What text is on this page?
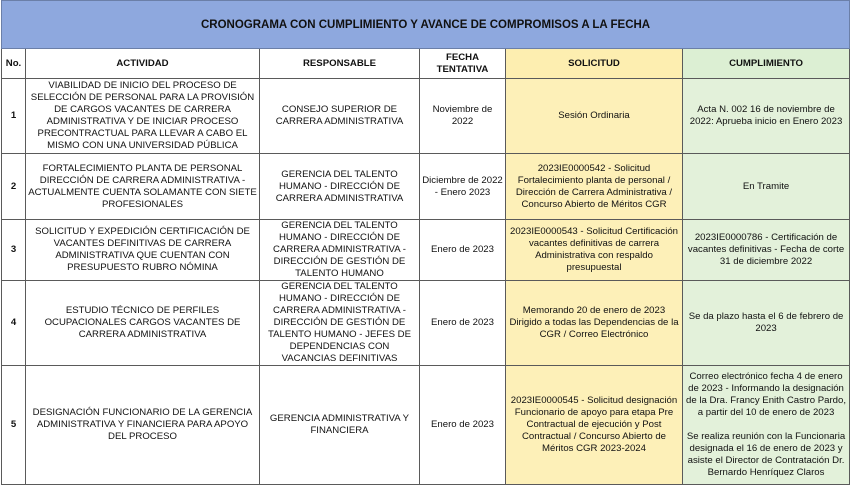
CRONOGRAMA CON CUMPLIMIENTO Y AVANCE DE COMPROMISOS A LA FECHA					
No.	ACTIVIDAD	RESPONSABLE	FECHA TENTATIVA	SOLICITUD	CUMPLIMIENTO
1	VIABILIDAD DE INICIO DEL PROCESO DE SELECCIÓN DE PERSONAL PARA LA PROVISIÓN DE CARGOS VACANTES DE CARRERA ADMINISTRATIVA Y DE INICIAR PROCESO PRECONTRACTUAL PARA LLEVAR A CABO EL MISMO CON UNA UNIVERSIDAD PÚBLICA	CONSEJO SUPERIOR DE CARRERA ADMINISTRATIVA	Noviembre de 2022	Sesión Ordinaria	Acta N. 002 16 de noviembre de 2022: Aprueba inicio en Enero 2023
2	FORTALECIMIENTO PLANTA DE PERSONAL DIRECCIÓN DE CARRERA ADMINISTRATIVA - ACTUALMENTE CUENTA SOLAMANTE CON SIETE PROFESIONALES	GERENCIA DEL TALENTO HUMANO - DIRECCIÓN DE CARRERA ADMINISTRATIVA	Diciembre de 2022 - Enero 2023	2023IE0000542 - Solicitud Fortalecimiento planta de personal / Dirección de Carrera Administrativa / Concurso Abierto de Méritos CGR	En Tramite
3	SOLICITUD Y EXPEDICIÓN CERTIFICACIÓN DE VACANTES DEFINITIVAS DE CARRERA ADMINISTRATIVA QUE CUENTAN CON PRESUPUESTO RUBRO NÓMINA	GERENCIA DEL TALENTO HUMANO - DIRECCIÓN DE CARRERA ADMINISTRATIVA - DIRECCIÓN DE GESTIÓN DE TALENTO HUMANO	Enero de 2023	2023IE0000543 - Solicitud Certificación vacantes definitivas de carrera Administrativa con respaldo presupuestal	2023IE0000786 - Certificación de vacantes definitivas - Fecha de corte 31 de diciembre 2022
4	ESTUDIO TÉCNICO DE PERFILES OCUPACIONALES CARGOS VACANTES DE CARRERA ADMINISTRATIVA	GERENCIA DEL TALENTO HUMANO - DIRECCIÓN DE CARRERA ADMINISTRATIVA - DIRECCIÓN DE GESTIÓN DE TALENTO HUMANO - JEFES DE DEPENDENCIAS CON VACANCIAS DEFINITIVAS	Enero de 2023	Memorando 20 de enero de 2023 Dirigido a todas las Dependencias de la CGR / Correo Electrónico	Se da plazo hasta el 6 de febrero de 2023
5	DESIGNACIÓN FUNCIONARIO DE LA GERENCIA ADMINISTRATIVA Y FINANCIERA PARA APOYO DEL PROCESO	GERENCIA ADMINISTRATIVA Y FINANCIERA	Enero de 2023	2023IE0000545 - Solicitud designación Funcionario de apoyo para etapa Pre Contractual de ejecución y Post Contractual / Concurso Abierto de Méritos CGR 2023-2024	Correo electrónico fecha 4 de enero de 2023 - Informando la designación de la Dra. Francy Enith Castro Pardo, a partir del 10 de enero de 2023
Se realiza reunión con la Funcionaria designada el 16 de enero de 2023 y asiste el Director de Contratación Dr. Bernardo Henríquez Claros
